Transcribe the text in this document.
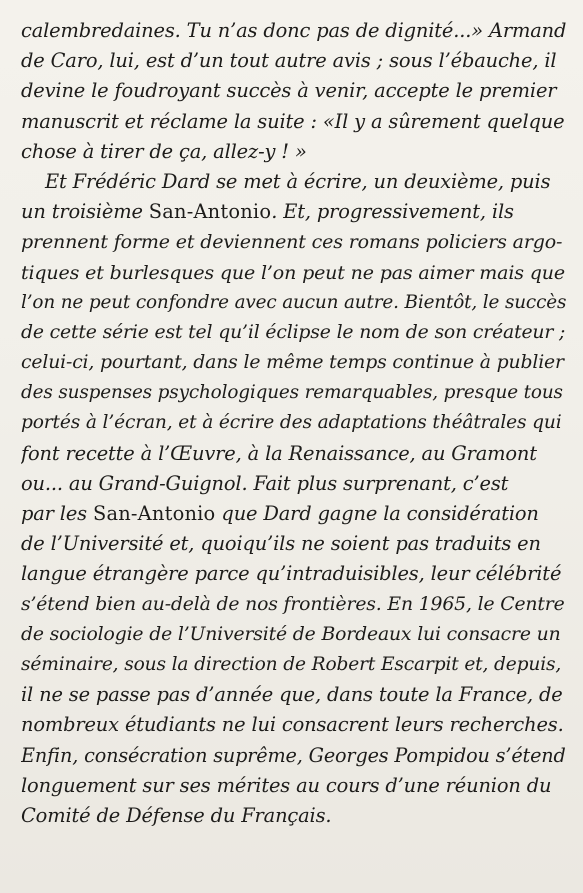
calembredaines. Tu n’as donc pas de dignité...» Armand
de Caro, lui, est d’un tout autre avis ; sous l’ébauche, il
devine le foudroyant succès à venir, accepte le premier
manuscrit et réclame la suite : «Il y a sûrement quelque
chose à tirer de ça, allez-y ! »
Et Frédéric Dard se met à écrire, un deuxième, puis
un troisième San-Antonio. Et, progressivement, ils
prennent forme et deviennent ces romans policiers argo-
tiques et burlesques que l’on peut ne pas aimer mais que
l’on ne peut confondre avec aucun autre. Bientôt, le succès
de cette série est tel qu’il éclipse le nom de son créateur ;
celui-ci, pourtant, dans le même temps continue à publier
des suspenses psychologiques remarquables, presque tous
portés à l’écran, et à écrire des adaptations théâtrales qui
font recette à l’Œuvre, à la Renaissance, au Gramont
ou... au Grand-Guignol. Fait plus surprenant, c’est
par les San-Antonio que Dard gagne la considération
de l’Université et, quoiqu’ils ne soient pas traduits en
langue étrangère parce qu’intraduisibles, leur célébrité
s’étend bien au-delà de nos frontières. En 1965, le Centre
de sociologie de l’Université de Bordeaux lui consacre un
séminaire, sous la direction de Robert Escarpit et, depuis,
il ne se passe pas d’année que, dans toute la France, de
nombreux étudiants ne lui consacrent leurs recherches.
Enfin, consécration suprême, Georges Pompidou s’étend
longuement sur ses mérites au cours d’une réunion du
Comité de Défense du Français.
